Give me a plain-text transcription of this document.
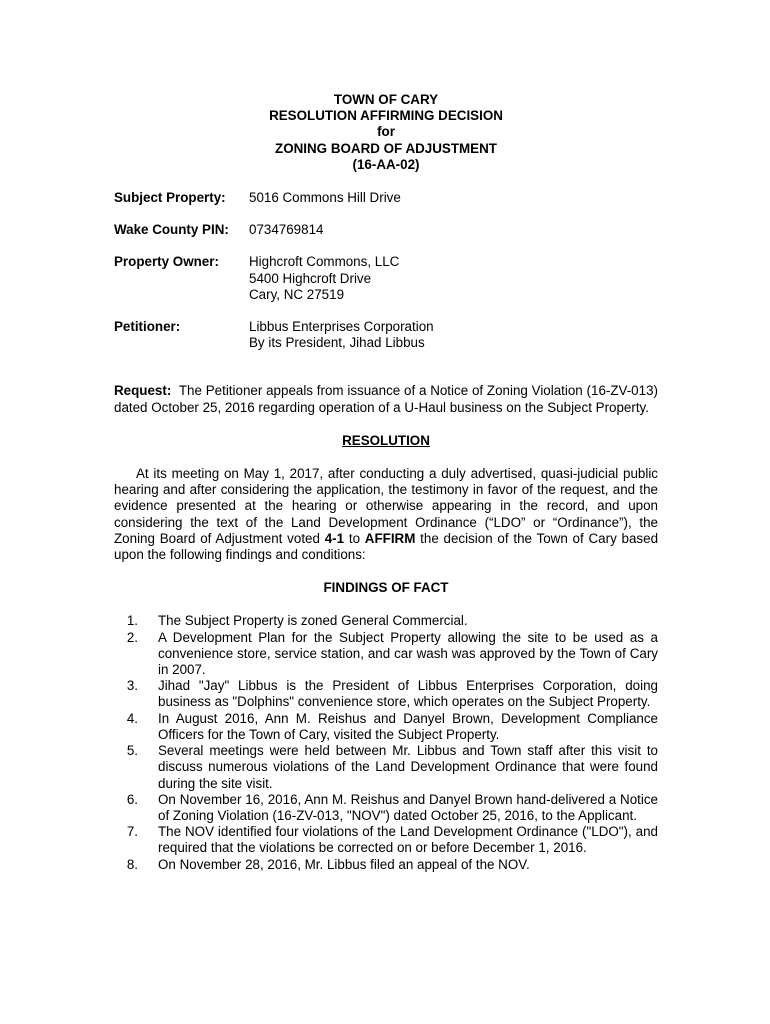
TOWN OF CARY
RESOLUTION AFFIRMING DECISION
for
ZONING BOARD OF ADJUSTMENT
(16-AA-02)
Subject Property:	5016 Commons Hill Drive
Wake County PIN:	0734769814
Property Owner:	Highcroft Commons, LLC
5400 Highcroft Drive
Cary, NC 27519
Petitioner:	Libbus Enterprises Corporation
By its President, Jihad Libbus
Request: The Petitioner appeals from issuance of a Notice of Zoning Violation (16-ZV-013) dated October 25, 2016 regarding operation of a U-Haul business on the Subject Property.
RESOLUTION
At its meeting on May 1, 2017, after conducting a duly advertised, quasi-judicial public hearing and after considering the application, the testimony in favor of the request, and the evidence presented at the hearing or otherwise appearing in the record, and upon considering the text of the Land Development Ordinance (“LDO” or “Ordinance”), the Zoning Board of Adjustment voted 4-1 to AFFIRM the decision of the Town of Cary based upon the following findings and conditions:
FINDINGS OF FACT
1.	The Subject Property is zoned General Commercial.
2.	A Development Plan for the Subject Property allowing the site to be used as a convenience store, service station, and car wash was approved by the Town of Cary in 2007.
3.	Jihad "Jay" Libbus is the President of Libbus Enterprises Corporation, doing business as "Dolphins" convenience store, which operates on the Subject Property.
4.	In August 2016, Ann M. Reishus and Danyel Brown, Development Compliance Officers for the Town of Cary, visited the Subject Property.
5.	Several meetings were held between Mr. Libbus and Town staff after this visit to discuss numerous violations of the Land Development Ordinance that were found during the site visit.
6.	On November 16, 2016, Ann M. Reishus and Danyel Brown hand-delivered a Notice of Zoning Violation (16-ZV-013, "NOV") dated October 25, 2016, to the Applicant.
7.	The NOV identified four violations of the Land Development Ordinance ("LDO"), and required that the violations be corrected on or before December 1, 2016.
8.	On November 28, 2016, Mr. Libbus filed an appeal of the NOV.
